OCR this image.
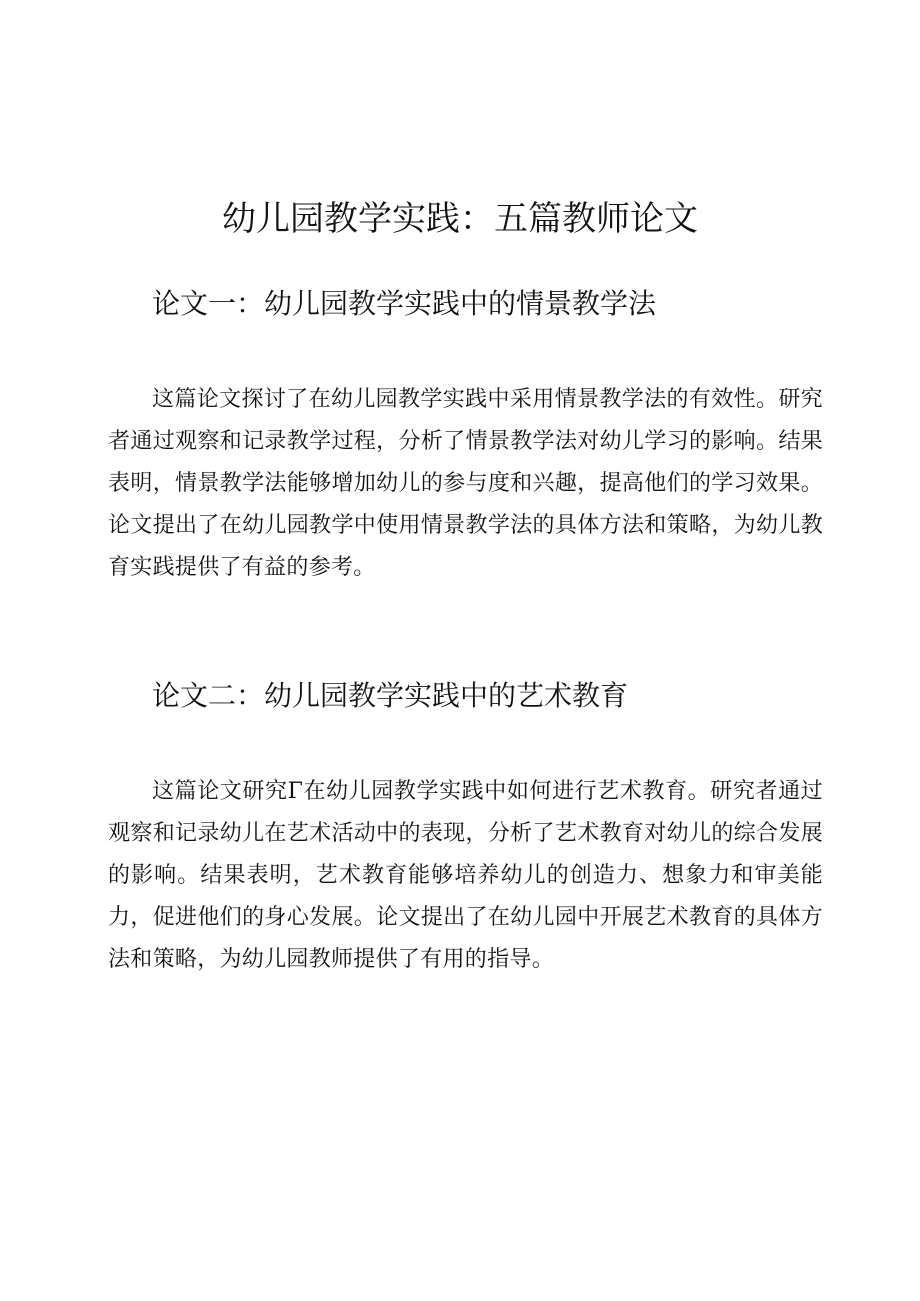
幼儿园教学实践：五篇教师论文
论文一：幼儿园教学实践中的情景教学法

这篇论文探讨了在幼儿园教学实践中采用情景教学法的有效性。研究者通过观察和记录教学过程，分析了情景教学法对幼儿学习的影响。结果表明，情景教学法能够增加幼儿的参与度和兴趣，提高他们的学习效果。论文提出了在幼儿园教学中使用情景教学法的具体方法和策略，为幼儿教育实践提供了有益的参考。

论文二：幼儿园教学实践中的艺术教育

这篇论文研究Γ在幼儿园教学实践中如何进行艺术教育。研究者通过观察和记录幼儿在艺术活动中的表现，分析了艺术教育对幼儿的综合发展的影响。结果表明，艺术教育能够培养幼儿的创造力、想象力和审美能力，促进他们的身心发展。论文提出了在幼儿园中开展艺术教育的具体方法和策略，为幼儿园教师提供了有用的指导。
